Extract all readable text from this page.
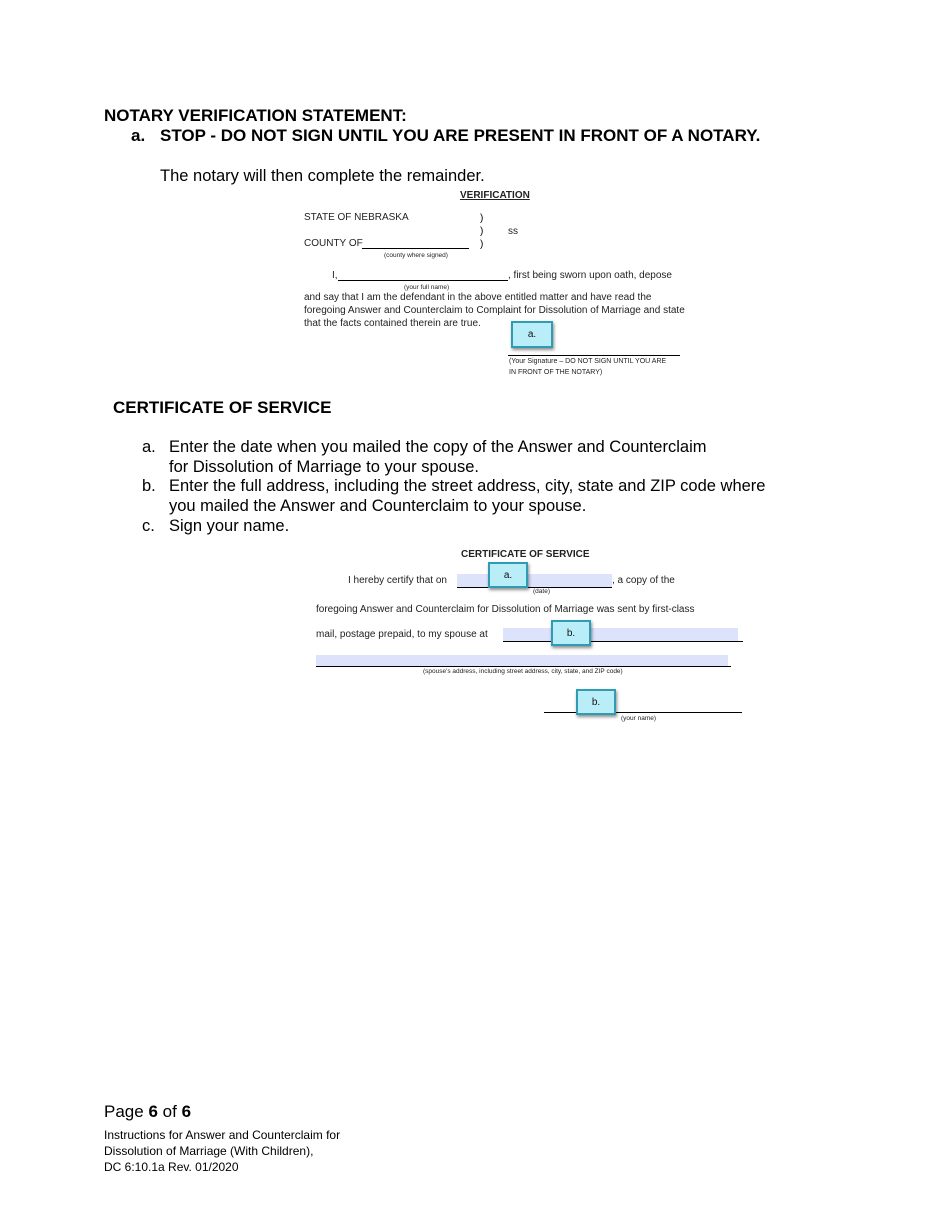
NOTARY VERIFICATION STATEMENT:
a. STOP - DO NOT SIGN UNTIL YOU ARE PRESENT IN FRONT OF A NOTARY.
The notary will then complete the remainder.
VERIFICATION
STATE OF NEBRASKA	)
) ss
)
COUNTY OF
(county where signed)
I,	, first being sworn upon oath, depose
(your full name)
and say that I am the defendant in the above entitled matter and have read the
foregoing Answer and Counterclaim to Complaint for Dissolution of Marriage and state
that the facts contained therein are true.
a.
(Your Signature – DO NOT SIGN UNTIL YOU ARE
IN FRONT OF THE NOTARY)
CERTIFICATE OF SERVICE
a. Enter the date when you mailed the copy of the Answer and Counterclaim
for Dissolution of Marriage to your spouse.
b. Enter the full address, including the street address, city, state and ZIP code where
you mailed the Answer and Counterclaim to your spouse.
c. Sign your name.
CERTIFICATE OF SERVICE
I hereby certify that on	, a copy of the
(date)
a.
foregoing Answer and Counterclaim for Dissolution of Marriage was sent by first-class
mail, postage prepaid, to my spouse at	b.
(spouse's address, including street address, city, state, and ZIP code)
b.
(your name)
Page 6 of 6
Instructions for Answer and Counterclaim for
Dissolution of Marriage (With Children),
DC 6:10.1a Rev. 01/2020
